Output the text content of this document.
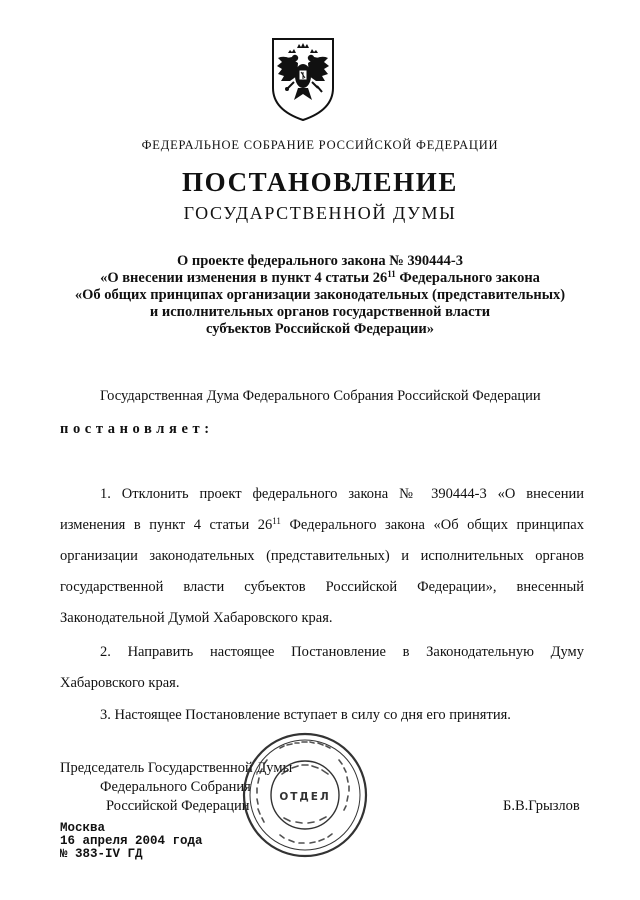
ФЕДЕРАЛЬНОЕ СОБРАНИЕ РОССИЙСКОЙ ФЕДЕРАЦИИ
ПОСТАНОВЛЕНИЕ
ГОСУДАРСТВЕННОЙ ДУМЫ
О проекте федерального закона № 390444-3
«О внесении изменения в пункт 4 статьи $26^{11}$ Федерального закона
«Об общих принципах организации законодательных (представительных)
и исполнительных органов государственной власти
субъектов Российской Федерации»
Государственная Дума Федерального Собрания Российской Федерации
постановляет:
1. Отклонить проект федерального закона № 390444-3 «О внесении
изменения в пункт 4 статьи $26^{11}$ Федерального закона «Об общих принципах
организации законодательных (представительных) и исполнительных органов
государственной власти субъектов Российской Федерации», внесенный
Законодательной Думой Хабаровского края.
2. Направить настоящее Постановление в Законодательную Думу
Хабаровского края.
3. Настоящее Постановление вступает в силу со дня его принятия.
Председатель Государственной Думы
Федерального Собрания
Российской Федерации	Б.В.Грызлов
ОТДЕЛ
Москва
16 апреля 2004 года
№ 383-IV ГД
